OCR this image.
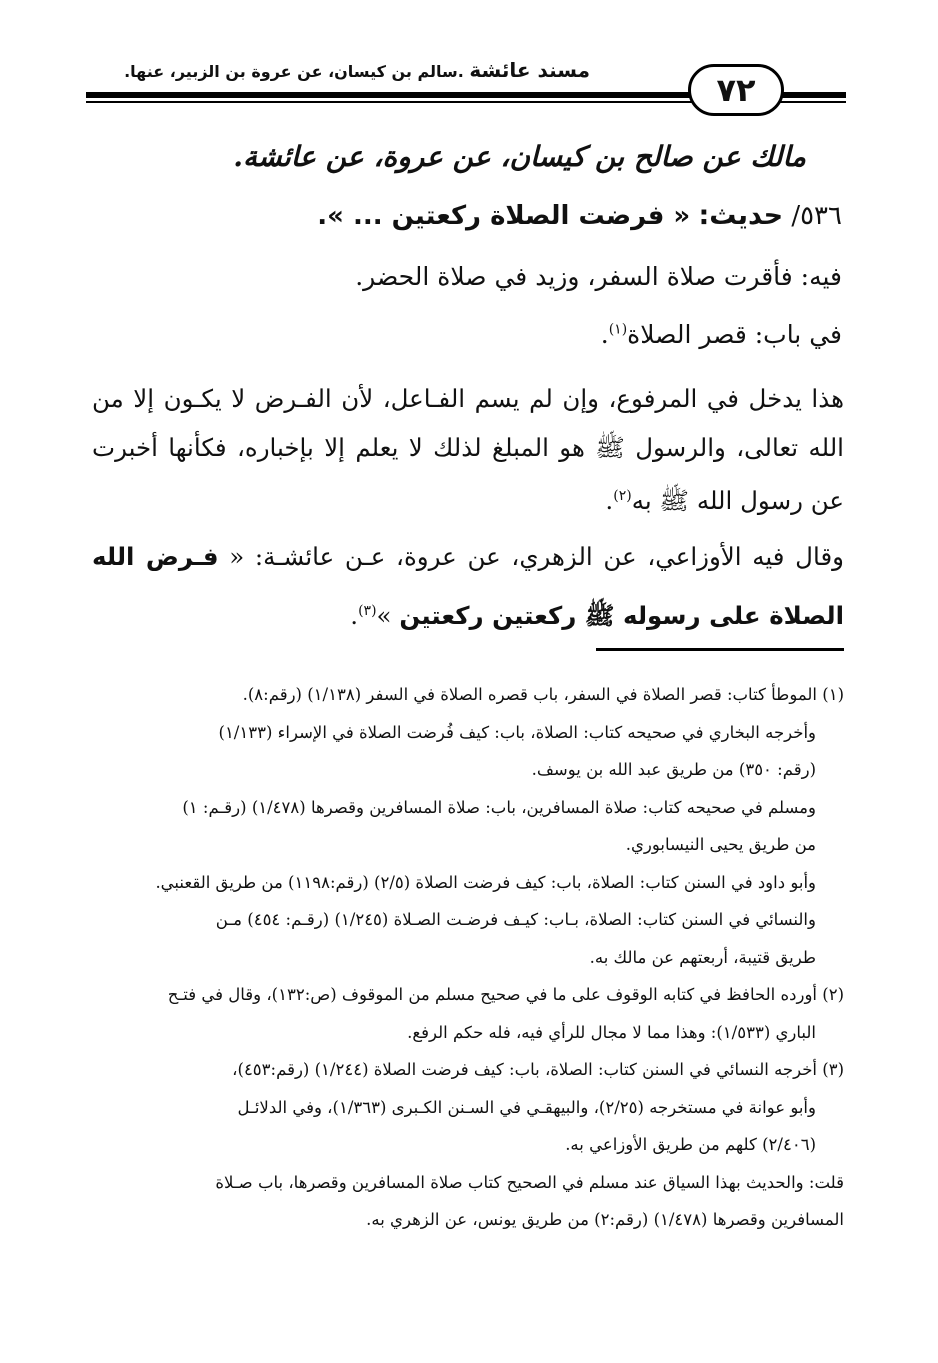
مسند عائشة .سالم بن كيسان، عن عروة بن الزبير، عنها.	٧٢
مالك عن صالح بن كيسان، عن عروة، عن عائشة.
٥٣٦/ حديث: « فرضت الصلاة ركعتين ... ».
فيه: فأقرت صلاة السفر، وزيد في صلاة الحضر.
في باب: قصر الصلاة$^{(١)}$.
هذا يدخل في المرفوع، وإن لم يسم الفـاعل، لأن الفـرض لا يكـون إلا من الله تعالى، والرسول ﷺ هو المبلغ لذلك لا يعلم إلا بإخباره، فكأنها أخبرت عن رسول الله ﷺ به$^{(٢)}$.
وقال فيه الأوزاعي، عن الزهري، عن عروة، عـن عائشـة: « فـرض الله الصلاة على رسوله ﷺ ركعتين ركعتين »$^{(٣)}$.
(١) الموطأ كتاب: قصر الصلاة في السفر، باب قصره الصلاة في السفر (١/١٣٨) (رقم:٨).
وأخرجه البخاري في صحيحه كتاب: الصلاة، باب: كيف فُرضت الصلاة في الإسراء (١/١٣٣)
(رقم: ٣٥٠) من طريق عبد الله بن يوسف.
ومسلم في صحيحه كتاب: صلاة المسافرين، باب: صلاة المسافرين وقصرها (١/٤٧٨) (رقـم: ١)
من طريق يحيى النيسابوري.
وأبو داود في السنن كتاب: الصلاة، باب: كيف فرضت الصلاة (٢/٥) (رقم:١١٩٨) من طريق القعنبي.
والنسائي في السنن كتاب: الصلاة، بـاب: كيـف فرضـت الصـلاة (١/٢٤٥) (رقـم: ٤٥٤) مـن
طريق قتيبة، أربعتهم عن مالك به.
(٢) أورده الحافظ في كتابه الوقوف على ما في صحيح مسلم من الموقوف (ص:١٣٢)، وقال في فتـح
الباري (١/٥٣٣): وهذا مما لا مجال للرأي فيه، فله حكم الرفع.
(٣) أخرجه النسائي في السنن كتاب: الصلاة، باب: كيف فرضت الصلاة (١/٢٤٤) (رقم:٤٥٣)،
وأبو عوانة في مستخرجه (٢/٢٥)، والبيهقـي في السـنن الكـبرى (١/٣٦٣)، وفي الدلائـل
(٢/٤٠٦) كلهم من طريق الأوزاعي به.
قلت: والحديث بهذا السياق عند مسلم في الصحيح كتاب صلاة المسافرين وقصرها، باب صـلاة
المسافرين وقصرها (١/٤٧٨) (رقم:٢) من طريق يونس، عن الزهري به.
